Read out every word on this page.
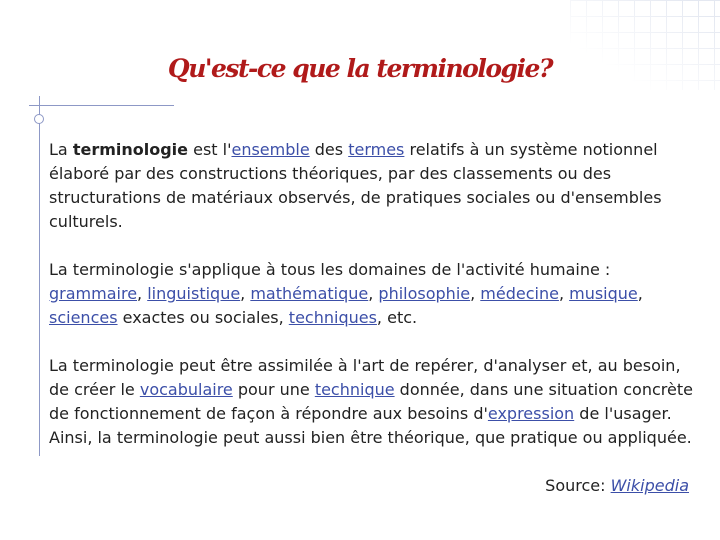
Qu'est-ce que la terminologie?

La terminologie est l'ensemble des termes relatifs à un système notionnel élaboré par des constructions théoriques, par des classements ou des structurations de matériaux observés, de pratiques sociales ou d'ensembles culturels.

La terminologie s'applique à tous les domaines de l'activité humaine : grammaire, linguistique, mathématique, philosophie, médecine, musique, sciences exactes ou sociales, techniques, etc.

La terminologie peut être assimilée à l'art de repérer, d'analyser et, au besoin, de créer le vocabulaire pour une technique donnée, dans une situation concrète de fonctionnement de façon à répondre aux besoins d'expression de l'usager. Ainsi, la terminologie peut aussi bien être théorique, que pratique ou appliquée.

Source: Wikipedia
